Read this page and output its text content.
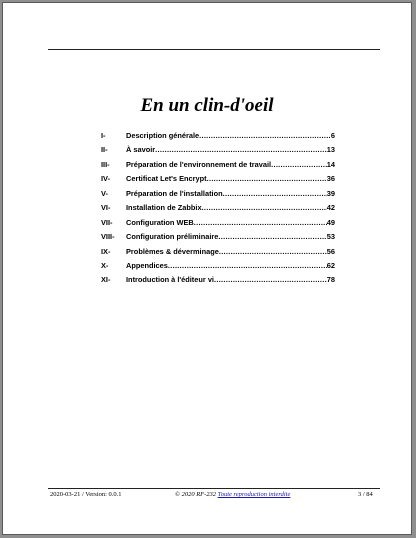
En un clin-d'oeil
I-	Description générale .....	6
II-	À savoir .....	13
III-	Préparation de l'environnement de travail .....	14
IV-	Certificat Let's Encrypt .....	36
V-	Préparation de l'installation .....	39
VI-	Installation de Zabbix .....	42
VII-	Configuration WEB .....	49
VIII-	Configuration préliminaire .....	53
IX-	Problèmes & déverminage .....	56
X-	Appendices .....	62
XI-	Introduction à l'éditeur vi .....	78
2020-03-21 / Version: 0.0.1	© 2020 RF-232 Toute reproduction interdite	3 / 84
